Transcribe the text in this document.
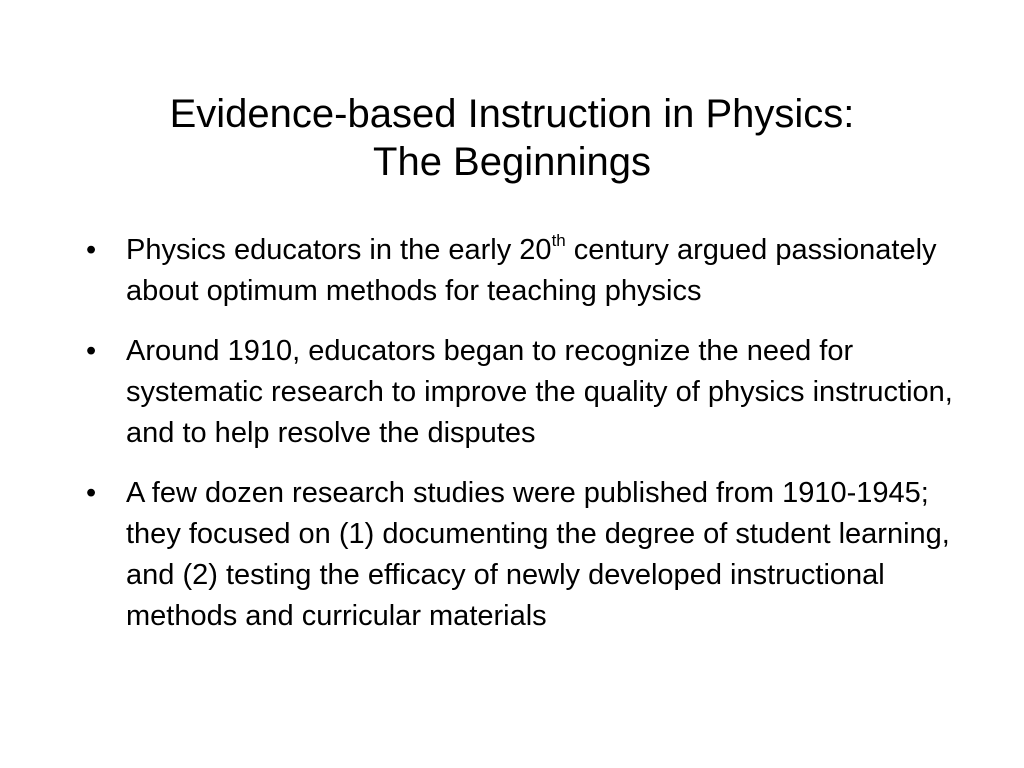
Evidence-based Instruction in Physics:
The Beginnings
•	Physics educators in the early 20th century argued passionately about optimum methods for teaching physics
•	Around 1910, educators began to recognize the need for systematic research to improve the quality of physics instruction, and to help resolve the disputes
•	A few dozen research studies were published from 1910-1945; they focused on (1) documenting the degree of student learning, and (2) testing the efficacy of newly developed instructional methods and curricular materials
